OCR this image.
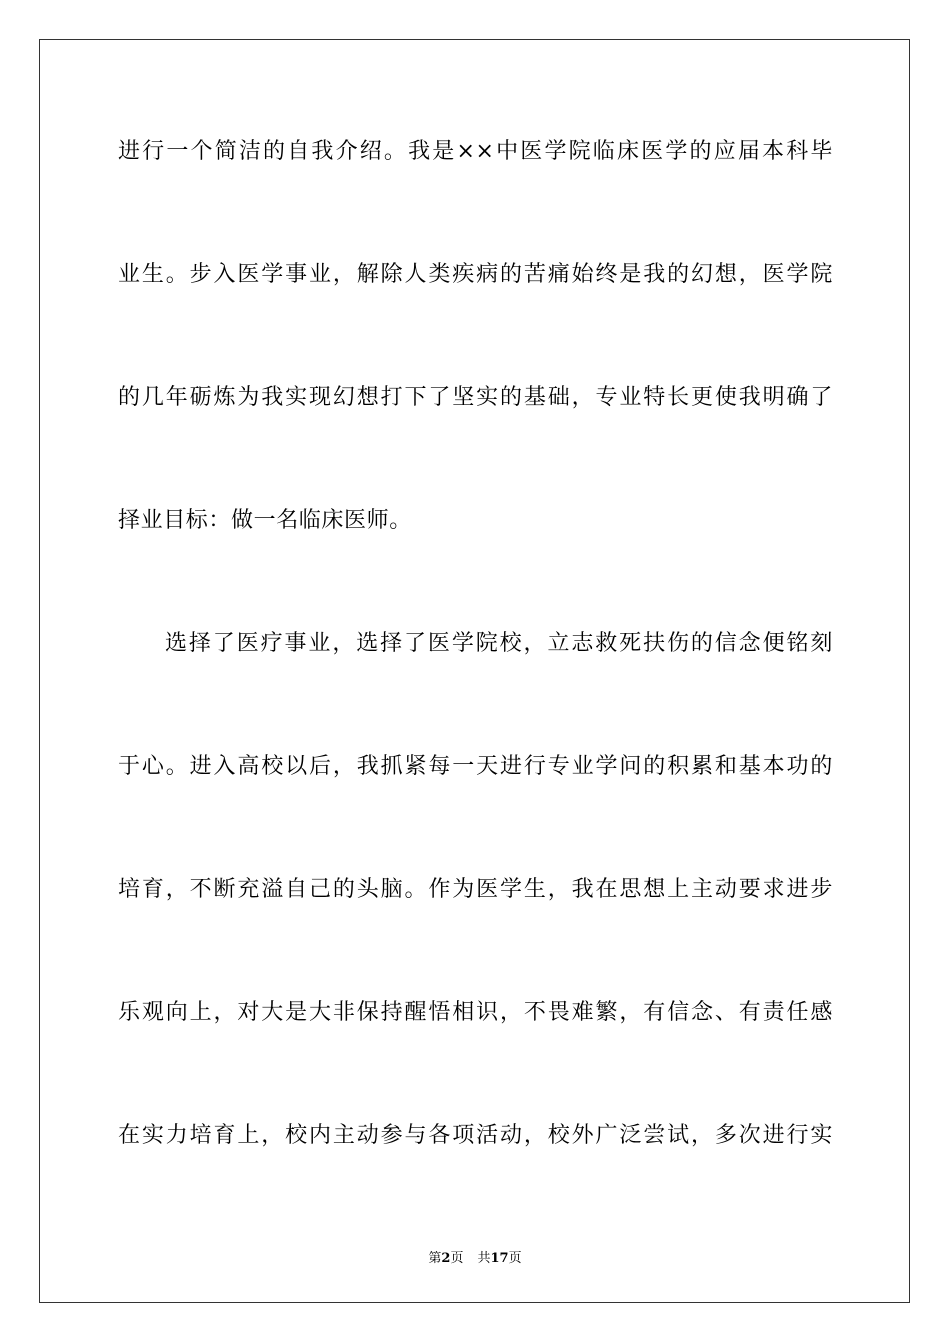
进行一个简洁的自我介绍。我是××中医学院临床医学的应届本科毕
业生。步入医学事业，解除人类疾病的苦痛始终是我的幻想，医学院
的几年砺炼为我实现幻想打下了坚实的基础，专业特长更使我明确了
择业目标：做一名临床医师。
选择了医疗事业，选择了医学院校，立志救死扶伤的信念便铭刻
于心。进入高校以后，我抓紧每一天进行专业学问的积累和基本功的
培育，不断充溢自己的头脑。作为医学生，我在思想上主动要求进步
乐观向上，对大是大非保持醒悟相识，不畏难繁，有信念、有责任感
在实力培育上，校内主动参与各项活动，校外广泛尝试，多次进行实
第2页 共17页
